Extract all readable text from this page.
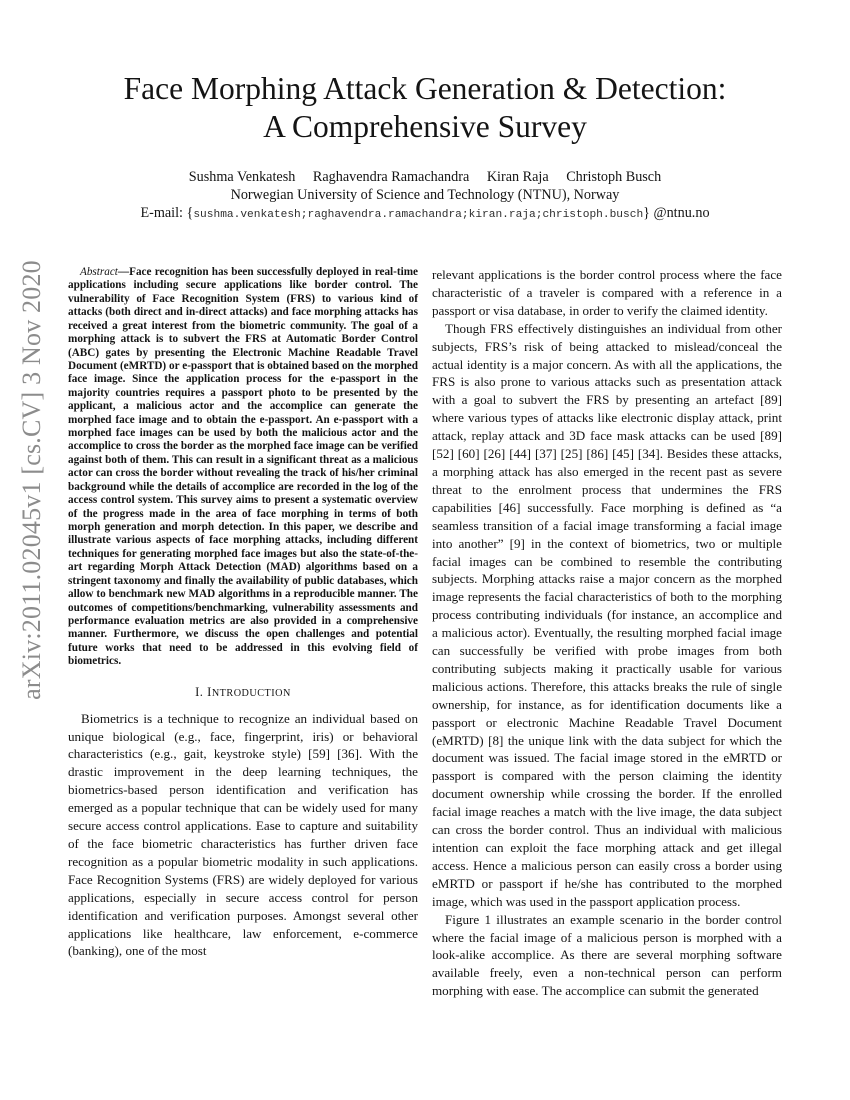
arXiv:2011.02045v1 [cs.CV] 3 Nov 2020
Face Morphing Attack Generation & Detection:
A Comprehensive Survey
Sushma Venkatesh Raghavendra Ramachandra Kiran Raja Christoph Busch
Norwegian University of Science and Technology (NTNU), Norway
E-mail: {sushma.venkatesh;raghavendra.ramachandra;kiran.raja;christoph.busch} @ntnu.no

Abstract—Face recognition has been successfully deployed in real-time applications including secure applications like border control. The vulnerability of Face Recognition System (FRS) to various kind of attacks (both direct and in-direct attacks) and face morphing attacks has received a great interest from the biometric community. The goal of a morphing attack is to subvert the FRS at Automatic Border Control (ABC) gates by presenting the Electronic Machine Readable Travel Document (eMRTD) or e-passport that is obtained based on the morphed face image. Since the application process for the e-passport in the majority countries requires a passport photo to be presented by the applicant, a malicious actor and the accomplice can generate the morphed face image and to obtain the e-passport. An e-passport with a morphed face images can be used by both the malicious actor and the accomplice to cross the border as the morphed face image can be verified against both of them. This can result in a significant threat as a malicious actor can cross the border without revealing the track of his/her criminal background while the details of accomplice are recorded in the log of the access control system. This survey aims to present a systematic overview of the progress made in the area of face morphing in terms of both morph generation and morph detection. In this paper, we describe and illustrate various aspects of face morphing attacks, including different techniques for generating morphed face images but also the state-of-the-art regarding Morph Attack Detection (MAD) algorithms based on a stringent taxonomy and finally the availability of public databases, which allow to benchmark new MAD algorithms in a reproducible manner. The outcomes of competitions/benchmarking, vulnerability assessments and performance evaluation metrics are also provided in a comprehensive manner. Furthermore, we discuss the open challenges and potential future works that need to be addressed in this evolving field of biometrics.

I. INTRODUCTION

Biometrics is a technique to recognize an individual based on unique biological (e.g., face, fingerprint, iris) or behavioral characteristics (e.g., gait, keystroke style) [59] [36]. With the drastic improvement in the deep learning techniques, the biometrics-based person identification and verification has emerged as a popular technique that can be widely used for many secure access control applications. Ease to capture and suitability of the face biometric characteristics has further driven face recognition as a popular biometric modality in such applications. Face Recognition Systems (FRS) are widely deployed for various applications, especially in secure access control for person identification and verification purposes. Amongst several other applications like healthcare, law enforcement, e-commerce (banking), one of the most

relevant applications is the border control process where the face characteristic of a traveler is compared with a reference in a passport or visa database, in order to verify the claimed identity.

Though FRS effectively distinguishes an individual from other subjects, FRS’s risk of being attacked to mislead/conceal the actual identity is a major concern. As with all the applications, the FRS is also prone to various attacks such as presentation attack with a goal to subvert the FRS by presenting an artefact [89] where various types of attacks like electronic display attack, print attack, replay attack and 3D face mask attacks can be used [89] [52] [60] [26] [44] [37] [25] [86] [45] [34]. Besides these attacks, a morphing attack has also emerged in the recent past as severe threat to the enrolment process that undermines the FRS capabilities [46] successfully. Face morphing is defined as “a seamless transition of a facial image transforming a facial image into another” [9] in the context of biometrics, two or multiple facial images can be combined to resemble the contributing subjects. Morphing attacks raise a major concern as the morphed image represents the facial characteristics of both to the morphing process contributing individuals (for instance, an accomplice and a malicious actor). Eventually, the resulting morphed facial image can successfully be verified with probe images from both contributing subjects making it practically usable for various malicious actions. Therefore, this attacks breaks the rule of single ownership, for instance, as for identification documents like a passport or electronic Machine Readable Travel Document (eMRTD) [8] the unique link with the data subject for which the document was issued. The facial image stored in the eMRTD or passport is compared with the person claiming the identity document ownership while crossing the border. If the enrolled facial image reaches a match with the live image, the data subject can cross the border control. Thus an individual with malicious intention can exploit the face morphing attack and get illegal access. Hence a malicious person can easily cross a border using eMRTD or passport if he/she has contributed to the morphed image, which was used in the passport application process.

Figure 1 illustrates an example scenario in the border control where the facial image of a malicious person is morphed with a look-alike accomplice. As there are several morphing software available freely, even a non-technical person can perform morphing with ease. The accomplice can submit the generated
